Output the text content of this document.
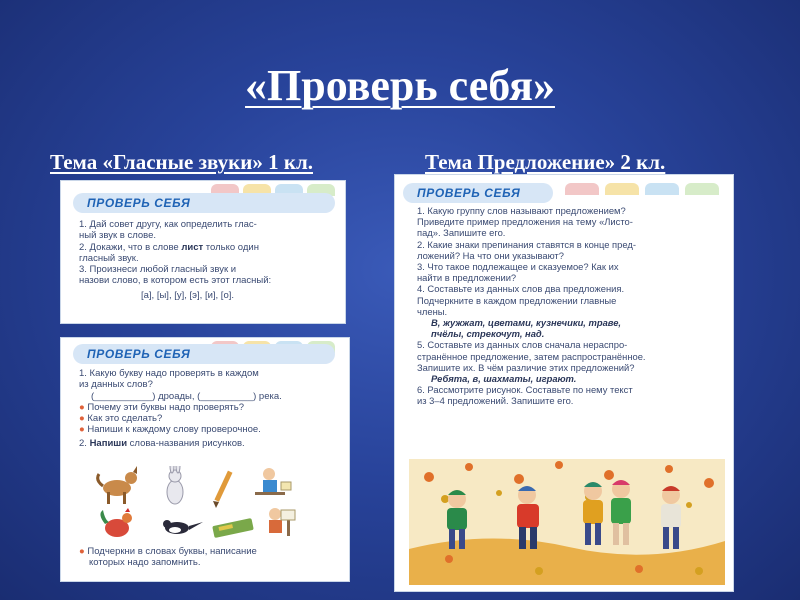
«Проверь себя»
Тема «Гласные звуки» 1 кл.	Тема Предложение» 2 кл.
ПРОВЕРЬ СЕБЯ

1. Дай совет другу, как определить глас-

ный звук в слове.

2. Докажи, что в слове лист только один

гласный звук.

3. Произнеси любой гласный звук и

назови слово, в котором есть этот гласный:

[а], [ы], [у], [э], [и], [о].

ПРОВЕРЬ СЕБЯ

1. Какую букву надо проверять в каждом

из данных слов?

(___________) дроады, (__________) река.

● Почему эти буквы надо проверять?

● Как это сделать?

● Напиши к каждому слову проверочное.

2. Напиши слова-названия рисунков.

● Подчеркни в словах буквы, написание

которых надо запомнить.

ПРОВЕРЬ СЕБЯ

1. Какую группу слов называют предложением?

Приведите пример предложения на тему «Листо-

пад». Запишите его.

2. Какие знаки препинания ставятся в конце пред-

ложений? На что они указывают?

3. Что такое подлежащее и сказуемое? Как их

найти в предложении?

4. Составьте из данных слов два предложения.

Подчеркните в каждом предложении главные

члены.

В, жужжат, цветами, кузнечики, траве,

пчёлы, стрекочут, над.

5. Составьте из данных слов сначала нераспро-

странённое предложение, затем распространённое.

Запишите их. В чём различие этих предложений?

Ребята, в, шахматы, играют.

6. Рассмотрите рисунок. Составьте по нему текст

из 3–4 предложений. Запишите его.
